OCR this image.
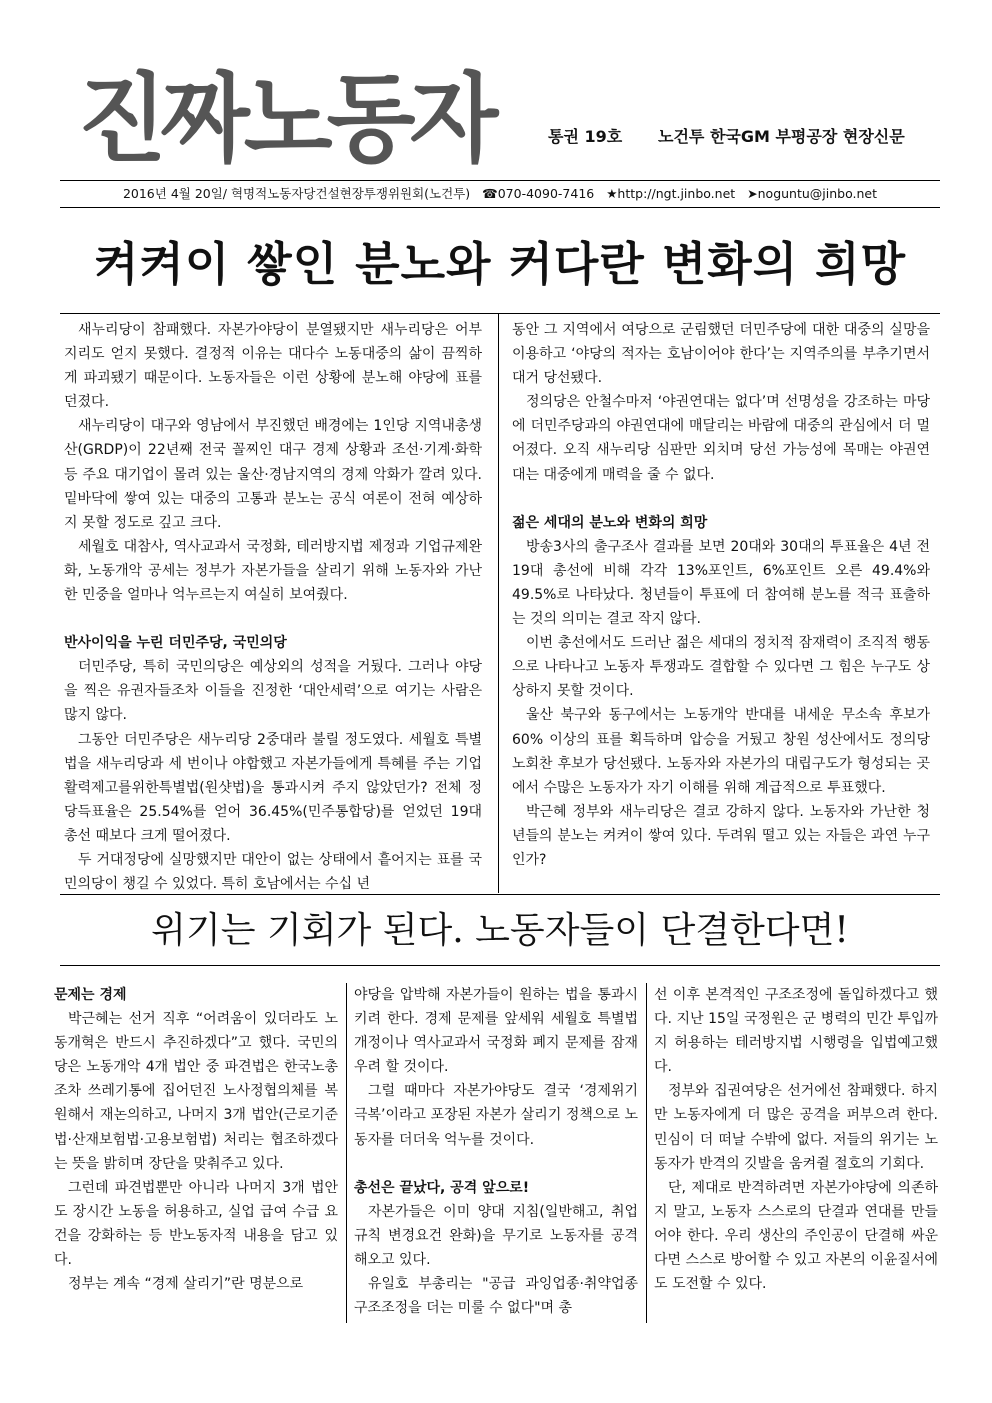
진짜노동자	통권 19호 노건투 한국GM 부평공장 현장신문
2016년 4월 20일/ 혁명적노동자당건설현장투쟁위원회(노건투) ☎070-4090-7416 ★http://ngt.jinbo.net ➤noguntu@jinbo.net
켜켜이 쌓인 분노와 커다란 변화의 희망

새누리당이 참패했다. 자본가야당이 분열됐지만 새누리당은 어부지리도 얻지 못했다. 결정적 이유는 대다수 노동대중의 삶이 끔찍하게 파괴됐기 때문이다. 노동자들은 이런 상황에 분노해 야당에 표를 던졌다.

새누리당이 대구와 영남에서 부진했던 배경에는 1인당 지역내총생산(GRDP)이 22년째 전국 꼴찌인 대구 경제 상황과 조선·기계·화학 등 주요 대기업이 몰려 있는 울산·경남지역의 경제 악화가 깔려 있다. 밑바닥에 쌓여 있는 대중의 고통과 분노는 공식 여론이 전혀 예상하지 못할 정도로 깊고 크다.

세월호 대참사, 역사교과서 국정화, 테러방지법 제정과 기업규제완화, 노동개악 공세는 정부가 자본가들을 살리기 위해 노동자와 가난한 민중을 얼마나 억누르는지 여실히 보여줬다.

반사이익을 누린 더민주당, 국민의당

더민주당, 특히 국민의당은 예상외의 성적을 거뒀다. 그러나 야당을 찍은 유권자들조차 이들을 진정한 ‘대안세력’으로 여기는 사람은 많지 않다.

그동안 더민주당은 새누리당 2중대라 불릴 정도였다. 세월호 특별법을 새누리당과 세 번이나 야합했고 자본가들에게 특혜를 주는 기업활력제고를위한특별법(원샷법)을 통과시켜 주지 않았던가? 전체 정당득표율은 25.54%를 얻어 36.45%(민주통합당)를 얻었던 19대 총선 때보다 크게 떨어졌다.

두 거대정당에 실망했지만 대안이 없는 상태에서 흩어지는 표를 국민의당이 챙길 수 있었다. 특히 호남에서는 수십 년

동안 그 지역에서 여당으로 군림했던 더민주당에 대한 대중의 실망을 이용하고 ‘야당의 적자는 호남이어야 한다’는 지역주의를 부추기면서 대거 당선됐다.

정의당은 안철수마저 ‘야권연대는 없다’며 선명성을 강조하는 마당에 더민주당과의 야권연대에 매달리는 바람에 대중의 관심에서 더 멀어졌다. 오직 새누리당 심판만 외치며 당선 가능성에 목매는 야권연대는 대중에게 매력을 줄 수 없다.

젊은 세대의 분노와 변화의 희망

방송3사의 출구조사 결과를 보면 20대와 30대의 투표율은 4년 전 19대 총선에 비해 각각 13%포인트, 6%포인트 오른 49.4%와 49.5%로 나타났다. 청년들이 투표에 더 참여해 분노를 적극 표출하는 것의 의미는 결코 작지 않다.

이번 총선에서도 드러난 젊은 세대의 정치적 잠재력이 조직적 행동으로 나타나고 노동자 투쟁과도 결합할 수 있다면 그 힘은 누구도 상상하지 못할 것이다.

울산 북구와 동구에서는 노동개악 반대를 내세운 무소속 후보가 60% 이상의 표를 획득하며 압승을 거뒀고 창원 성산에서도 정의당 노회찬 후보가 당선됐다. 노동자와 자본가의 대립구도가 형성되는 곳에서 수많은 노동자가 자기 이해를 위해 계급적으로 투표했다.

박근혜 정부와 새누리당은 결코 강하지 않다. 노동자와 가난한 청년들의 분노는 켜켜이 쌓여 있다. 두려워 떨고 있는 자들은 과연 누구인가?

위기는 기회가 된다. 노동자들이 단결한다면!
문제는 경제

박근혜는 선거 직후 “어려움이 있더라도 노동개혁은 반드시 추진하겠다”고 했다. 국민의당은 노동개악 4개 법안 중 파견법은 한국노총조차 쓰레기통에 집어던진 노사정협의체를 복원해서 재논의하고, 나머지 3개 법안(근로기준법·산재보험법·고용보험법) 처리는 협조하겠다는 뜻을 밝히며 장단을 맞춰주고 있다.

그런데 파견법뿐만 아니라 나머지 3개 법안도 장시간 노동을 허용하고, 실업 급여 수급 요건을 강화하는 등 반노동자적 내용을 담고 있다.

정부는 계속 “경제 살리기”란 명분으로

야당을 압박해 자본가들이 원하는 법을 통과시키려 한다. 경제 문제를 앞세워 세월호 특별법 개정이나 역사교과서 국정화 폐지 문제를 잠재우려 할 것이다.

그럴 때마다 자본가야당도 결국 ‘경제위기 극복’이라고 포장된 자본가 살리기 정책으로 노동자를 더더욱 억누를 것이다.

총선은 끝났다, 공격 앞으로!

자본가들은 이미 양대 지침(일반해고, 취업규칙 변경요건 완화)을 무기로 노동자를 공격해오고 있다.

유일호 부총리는 "공급 과잉업종·취약업종 구조조정을 더는 미룰 수 없다"며 총

선 이후 본격적인 구조조정에 돌입하겠다고 했다. 지난 15일 국정원은 군 병력의 민간 투입까지 허용하는 테러방지법 시행령을 입법예고했다.

정부와 집권여당은 선거에선 참패했다. 하지만 노동자에게 더 많은 공격을 퍼부으려 한다. 민심이 더 떠날 수밖에 없다. 저들의 위기는 노동자가 반격의 깃발을 움켜쥘 절호의 기회다.

단, 제대로 반격하려면 자본가야당에 의존하지 말고, 노동자 스스로의 단결과 연대를 만들어야 한다. 우리 생산의 주인공이 단결해 싸운다면 스스로 방어할 수 있고 자본의 이윤질서에도 도전할 수 있다.
